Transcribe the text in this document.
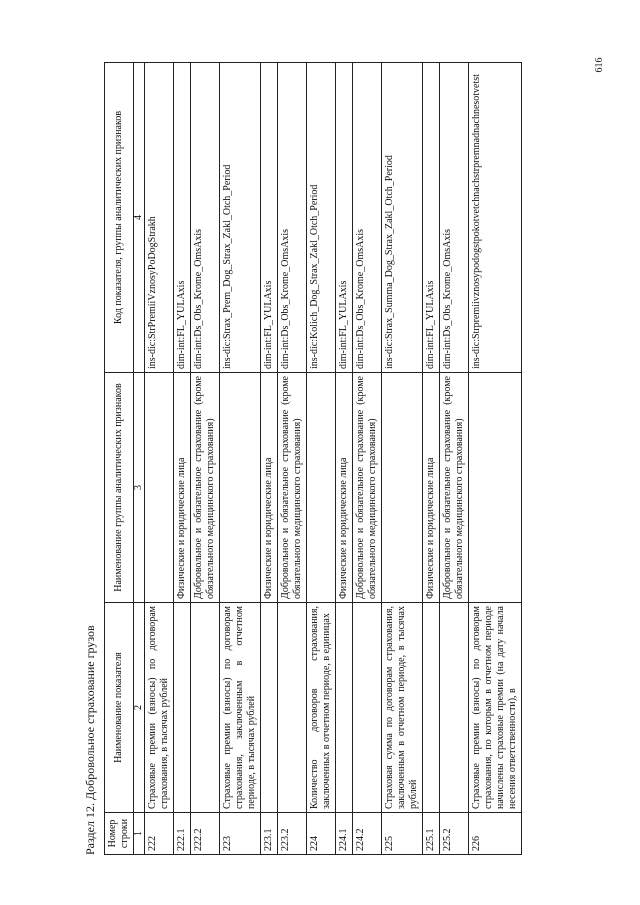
616
Раздел 12. Добровольное страхование грузов	Номер строки	Наименование показателя	Наименование группы аналитических признаков	Код показателя, группы аналитических признаков
1	2	3	4
222	Страховые премии (взносы) по договорам страхования, в тысячах рублей		ins-dic:StrPremiiVznosyPoDogStrakh
222.1		Физические и юридические лица	dim-int:FL_YULAxis
222.2		Добровольное и обязательное страхование (кроме обязательного медицинского страхования)	dim-int:Ds_Obs_Krome_OmsAxis
223	Страховые премии (взносы) по договорам страхования, заключенным в отчетном периоде, в тысячах рублей		ins-dic:Strax_Prem_Dog_Strax_Zakl_Otch_Period
223.1		Физические и юридические лица	dim-int:FL_YULAxis
223.2		Добровольное и обязательное страхование (кроме обязательного медицинского страхования)	dim-int:Ds_Obs_Krome_OmsAxis
224	Количество договоров страхования, заключенных в отчетном периоде, в единицах		ins-dic:Kolich_Dog_Strax_Zakl_Otch_Period
224.1		Физические и юридические лица	dim-int:FL_YULAxis
224.2		Добровольное и обязательное страхование (кроме обязательного медицинского страхования)	dim-int:Ds_Obs_Krome_OmsAxis
225	Страховая сумма по договорам страхования, заключенным в отчетном периоде, в тысячах рублей		ins-dic:Strax_Summa_Dog_Strax_Zakl_Otch_Period
225.1		Физические и юридические лица	dim-int:FL_YULAxis
225.2		Добровольное и обязательное страхование (кроме обязательного медицинского страхования)	dim-int:Ds_Obs_Krome_OmsAxis
226	Страховые премии (взносы) по договорам страхования, по которым в отчетном периоде начислены страховые премии (на дату начала несения ответственности), в		ins-dic:Strpremiivznosypodogstpokotvetchnachstrpremnadnachnesotvetst
